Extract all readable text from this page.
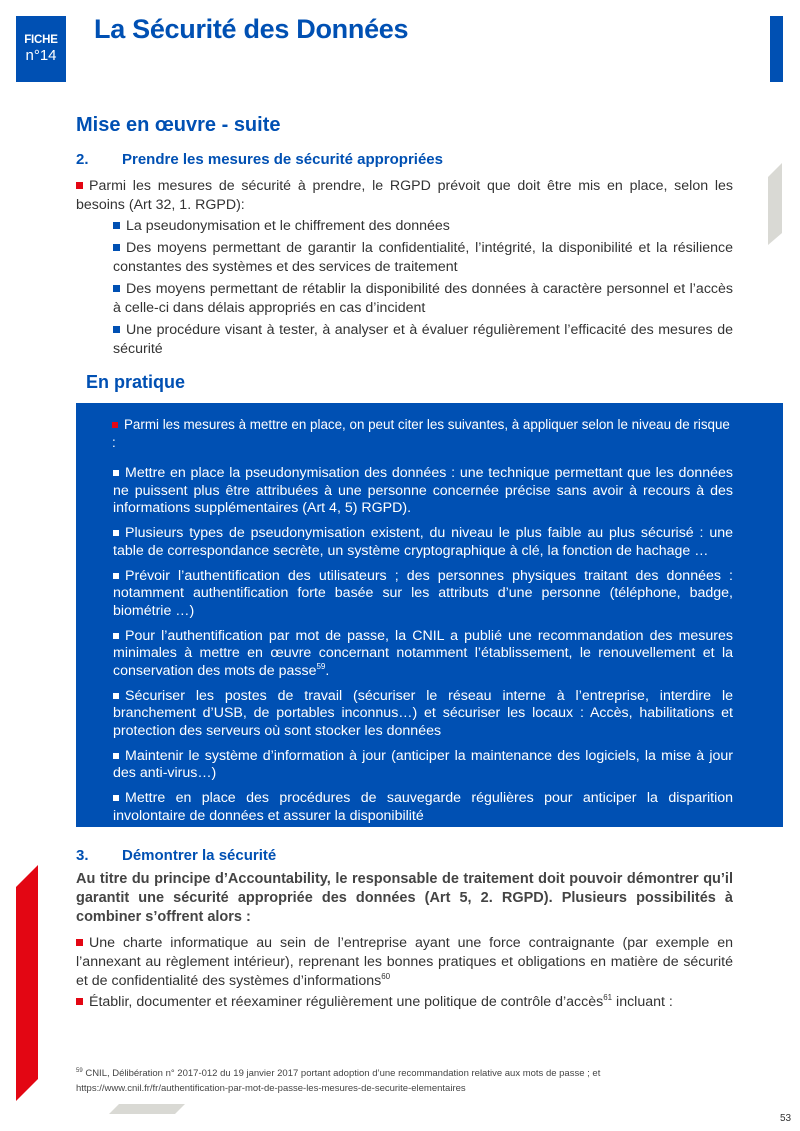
FICHE
n°14
La Sécurité des Données
Mise en œuvre - suite
2. Prendre les mesures de sécurité appropriées
Parmi les mesures de sécurité à prendre, le RGPD prévoit que doit être mis en place, selon les besoins (Art 32, 1. RGPD):
La pseudonymisation et le chiffrement des données
Des moyens permettant de garantir la confidentialité, l’intégrité, la disponibilité et la résilience constantes des systèmes et des services de traitement
Des moyens permettant de rétablir la disponibilité des données à caractère personnel et l’accès à celle-ci dans délais appropriés en cas d’incident
Une procédure visant à tester, à analyser et à évaluer régulièrement l’efficacité des mesures de sécurité
En pratique
Parmi les mesures à mettre en place, on peut citer les suivantes, à appliquer selon le niveau de risque :
Mettre en place la pseudonymisation des données : une technique permettant que les données ne puissent plus être attribuées à une personne concernée précise sans avoir à recours à des informations supplémentaires (Art 4, 5) RGPD).
Plusieurs types de pseudonymisation existent, du niveau le plus faible au plus sécurisé : une table de correspondance secrète, un système cryptographique à clé, la fonction de hachage …
Prévoir l’authentification des utilisateurs ; des personnes physiques traitant des données : notamment authentification forte basée sur les attributs d’une personne (téléphone, badge, biométrie …)
Pour l’authentification par mot de passe, la CNIL a publié une recommandation des mesures minimales à mettre en œuvre concernant notamment l’établissement, le renouvellement et la conservation des mots de passe$^{59}$.
Sécuriser les postes de travail (sécuriser le réseau interne à l’entreprise, interdire le branchement d’USB, de portables inconnus…) et sécuriser les locaux : Accès, habilitations et protection des serveurs où sont stocker les données
Maintenir le système d’information à jour (anticiper la maintenance des logiciels, la mise à jour des anti-virus…)
Mettre en place des procédures de sauvegarde régulières pour anticiper la disparition involontaire de données et assurer la disponibilité
3. Démontrer la sécurité
Au titre du principe d’Accountability, le responsable de traitement doit pouvoir démontrer qu’il garantit une sécurité appropriée des données (Art 5, 2. RGPD). Plusieurs possibilités à combiner s’offrent alors :
Une charte informatique au sein de l’entreprise ayant une force contraignante (par exemple en l’annexant au règlement intérieur), reprenant les bonnes pratiques et obligations en matière de sécurité et de confidentialité des systèmes d’informations$^{60}$
Établir, documenter et réexaminer régulièrement une politique de contrôle d’accès$^{61}$ incluant :
$^{59}$ CNIL, Délibération n° 2017-012 du 19 janvier 2017 portant adoption d’une recommandation relative aux mots de passe ; et
https://www.cnil.fr/fr/authentification-par-mot-de-passe-les-mesures-de-securite-elementaires
53
